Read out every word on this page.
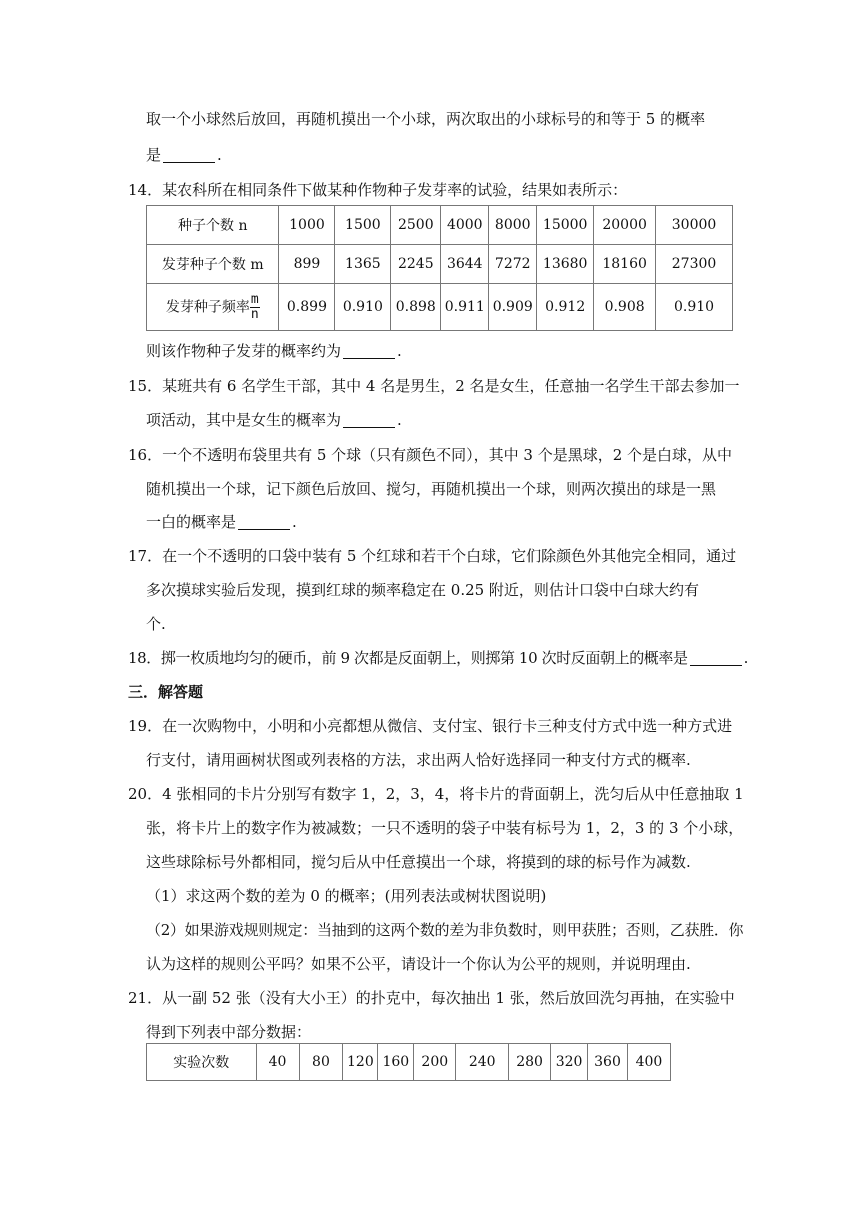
取一个小球然后放回，再随机摸出一个小球，两次取出的小球标号的和等于 5 的概率
是	.
14．某农科所在相同条件下做某种作物种子发芽率的试验，结果如表所示：
种子个数 n	1000	1500	2500	4000	8000	15000	20000	30000
发芽种子个数 m	899	1365	2245	3644	7272	13680	18160	27300
发芽种子频率 $\frac{m}{n}$	0.899	0.910	0.898	0.911	0.909	0.912	0.908	0.910
则该作物种子发芽的概率约为	.
15．某班共有 6 名学生干部，其中 4 名是男生，2 名是女生，任意抽一名学生干部去参加一
项活动，其中是女生的概率为	.
16．一个不透明布袋里共有 5 个球（只有颜色不同），其中 3 个是黑球，2 个是白球，从中
随机摸出一个球，记下颜色后放回、搅匀，再随机摸出一个球，则两次摸出的球是一黑
一白的概率是	.
17．在一个不透明的口袋中装有 5 个红球和若干个白球，它们除颜色外其他完全相同，通过
多次摸球实验后发现，摸到红球的频率稳定在 0.25 附近，则估计口袋中白球大约有
个.
18．掷一枚质地均匀的硬币，前 9 次都是反面朝上，则掷第 10 次时反面朝上的概率是	.
三．解答题
19．在一次购物中，小明和小亮都想从微信、支付宝、银行卡三种支付方式中选一种方式进
行支付，请用画树状图或列表格的方法，求出两人恰好选择同一种支付方式的概率.
20．4 张相同的卡片分别写有数字 1，2，3，4，将卡片的背面朝上，洗匀后从中任意抽取 1
张，将卡片上的数字作为被减数；一只不透明的袋子中装有标号为 1，2，3 的 3 个小球，
这些球除标号外都相同，搅匀后从中任意摸出一个球，将摸到的球的标号作为减数.
（1）求这两个数的差为 0 的概率；(用列表法或树状图说明)
（2）如果游戏规则规定：当抽到的这两个数的差为非负数时，则甲获胜；否则，乙获胜．你
认为这样的规则公平吗？如果不公平，请设计一个你认为公平的规则，并说明理由.
21．从一副 52 张（没有大小王）的扑克中，每次抽出 1 张，然后放回洗匀再抽，在实验中
得到下列表中部分数据：
实验次数	40	80	120	160	200	240	280	320	360	400
